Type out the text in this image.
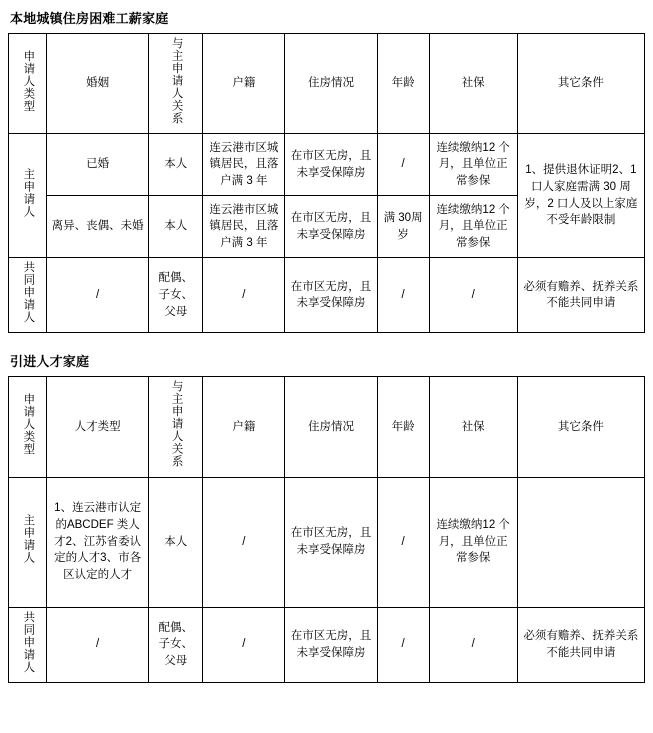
本地城镇住房困难工薪家庭
申请人类型	婚姻	与主申请人关系	户籍	住房情况	年龄	社保	其它条件
主申请人	已婚	本人	连云港市区城镇居民，且落户满 3 年	在市区无房，且未享受保障房	/	连续缴纳12 个月，且单位正常参保	1、提供退休证明2、1 口人家庭需满 30 周岁，2 口人及以上家庭不受年龄限制
	离异、丧偶、未婚	本人	连云港市区城镇居民，且落户满 3 年	在市区无房，且未享受保障房	满 30周岁	连续缴纳12 个月，且单位正常参保	
共同申请人	/	配偶、子女、父母	/	在市区无房，且未享受保障房	/	/	必须有赡养、抚养关系不能共同申请
引进人才家庭
申请人类型	人才类型	与主申请人关系	户籍	住房情况	年龄	社保	其它条件
主申请人	1、连云港市认定的ABCDEF 类人才2、江苏省委认定的人才3、市各区认定的人才	本人	/	在市区无房，且未享受保障房	/	连续缴纳12 个月，且单位正常参保	
共同申请人	/	配偶、子女、父母	/	在市区无房，且未享受保障房	/	/	必须有赡养、抚养关系不能共同申请
